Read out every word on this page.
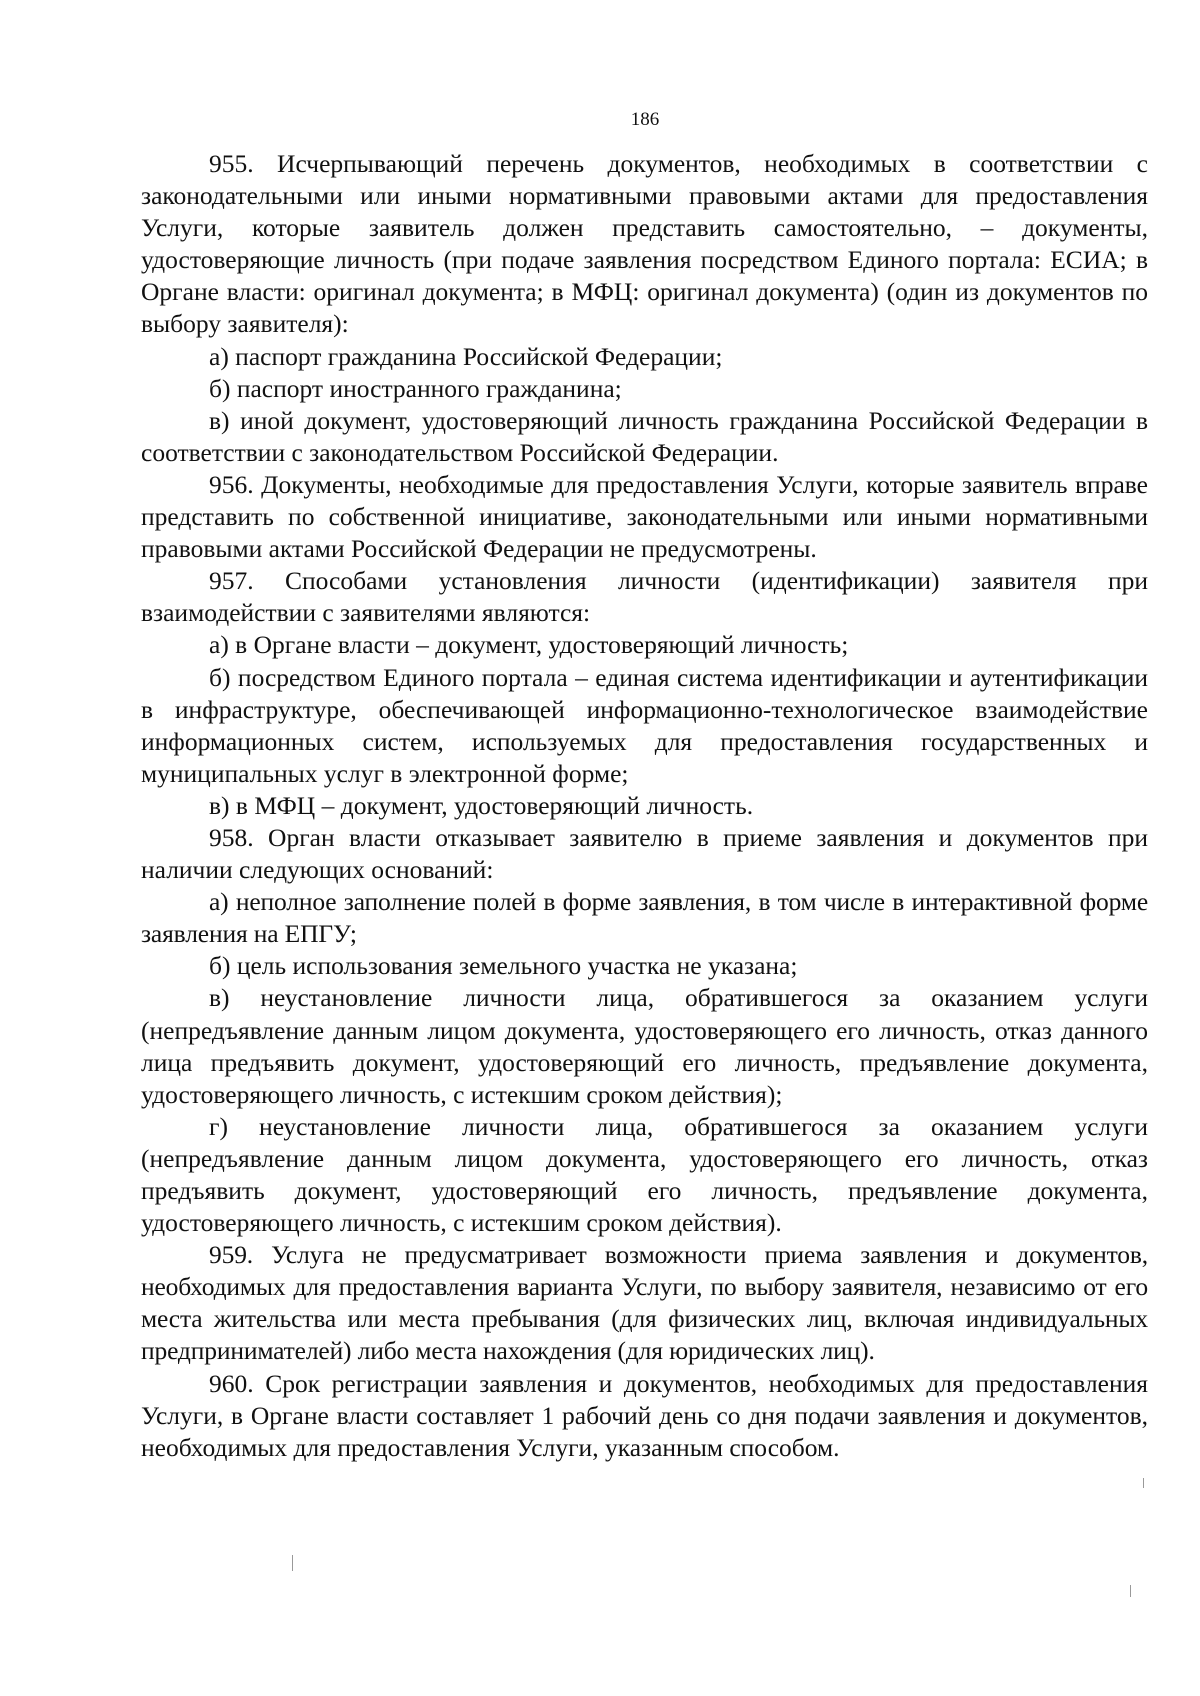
186

955. Исчерпывающий перечень документов, необходимых в соответствии с законодательными или иными нормативными правовыми актами для предоставления Услуги, которые заявитель должен представить самостоятельно, – документы, удостоверяющие личность (при подаче заявления посредством Единого портала: ЕСИА; в Органе власти: оригинал документа; в МФЦ: оригинал документа) (один из документов по выбору заявителя):

а) паспорт гражданина Российской Федерации;

б) паспорт иностранного гражданина;

в) иной документ, удостоверяющий личность гражданина Российской Федерации в соответствии с законодательством Российской Федерации.

956. Документы, необходимые для предоставления Услуги, которые заявитель вправе представить по собственной инициативе, законодательными или иными нормативными правовыми актами Российской Федерации не предусмотрены.

957. Способами установления личности (идентификации) заявителя при взаимодействии с заявителями являются:

а) в Органе власти – документ, удостоверяющий личность;

б) посредством Единого портала – единая система идентификации и аутентификации в инфраструктуре, обеспечивающей информационно-технологическое взаимодействие информационных систем, используемых для предоставления государственных и муниципальных услуг в электронной форме;

в) в МФЦ – документ, удостоверяющий личность.

958. Орган власти отказывает заявителю в приеме заявления и документов при наличии следующих оснований:

а) неполное заполнение полей в форме заявления, в том числе в интерактивной форме заявления на ЕПГУ;

б) цель использования земельного участка не указана;

в) неустановление личности лица, обратившегося за оказанием услуги (непредъявление данным лицом документа, удостоверяющего его личность, отказ данного лица предъявить документ, удостоверяющий его личность, предъявление документа, удостоверяющего личность, с истекшим сроком действия);

г) неустановление личности лица, обратившегося за оказанием услуги (непредъявление данным лицом документа, удостоверяющего его личность, отказ предъявить документ, удостоверяющий его личность, предъявление документа, удостоверяющего личность, с истекшим сроком действия).

959. Услуга не предусматривает возможности приема заявления и документов, необходимых для предоставления варианта Услуги, по выбору заявителя, независимо от его места жительства или места пребывания (для физических лиц, включая индивидуальных предпринимателей) либо места нахождения (для юридических лиц).

960. Срок регистрации заявления и документов, необходимых для предоставления Услуги, в Органе власти составляет 1 рабочий день со дня подачи заявления и документов, необходимых для предоставления Услуги, указанным способом.
